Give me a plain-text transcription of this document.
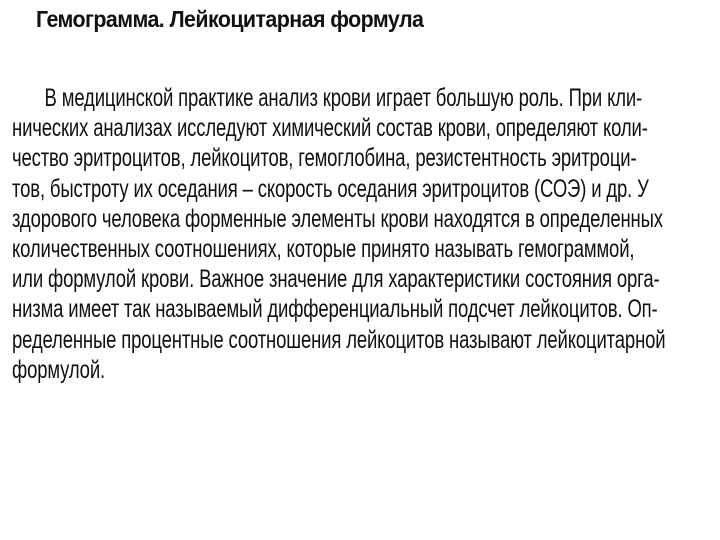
Гемограмма. Лейкоцитарная формула
В медицинской практике анализ крови играет большую роль. При кли-
нических анализах исследуют химический состав крови, определяют коли-
чество эритроцитов, лейкоцитов, гемоглобина, резистентность эритроци-
тов, быстроту их оседания – скорость оседания эритроцитов (СОЭ) и др. У
здорового человека форменные элементы крови находятся в определенных
количественных соотношениях, которые принято называть гемограммой,
или формулой крови. Важное значение для характеристики состояния орга-
низма имеет так называемый дифференциальный подсчет лейкоцитов. Оп-
ределенные процентные соотношения лейкоцитов называют лейкоцитарной
формулой.
